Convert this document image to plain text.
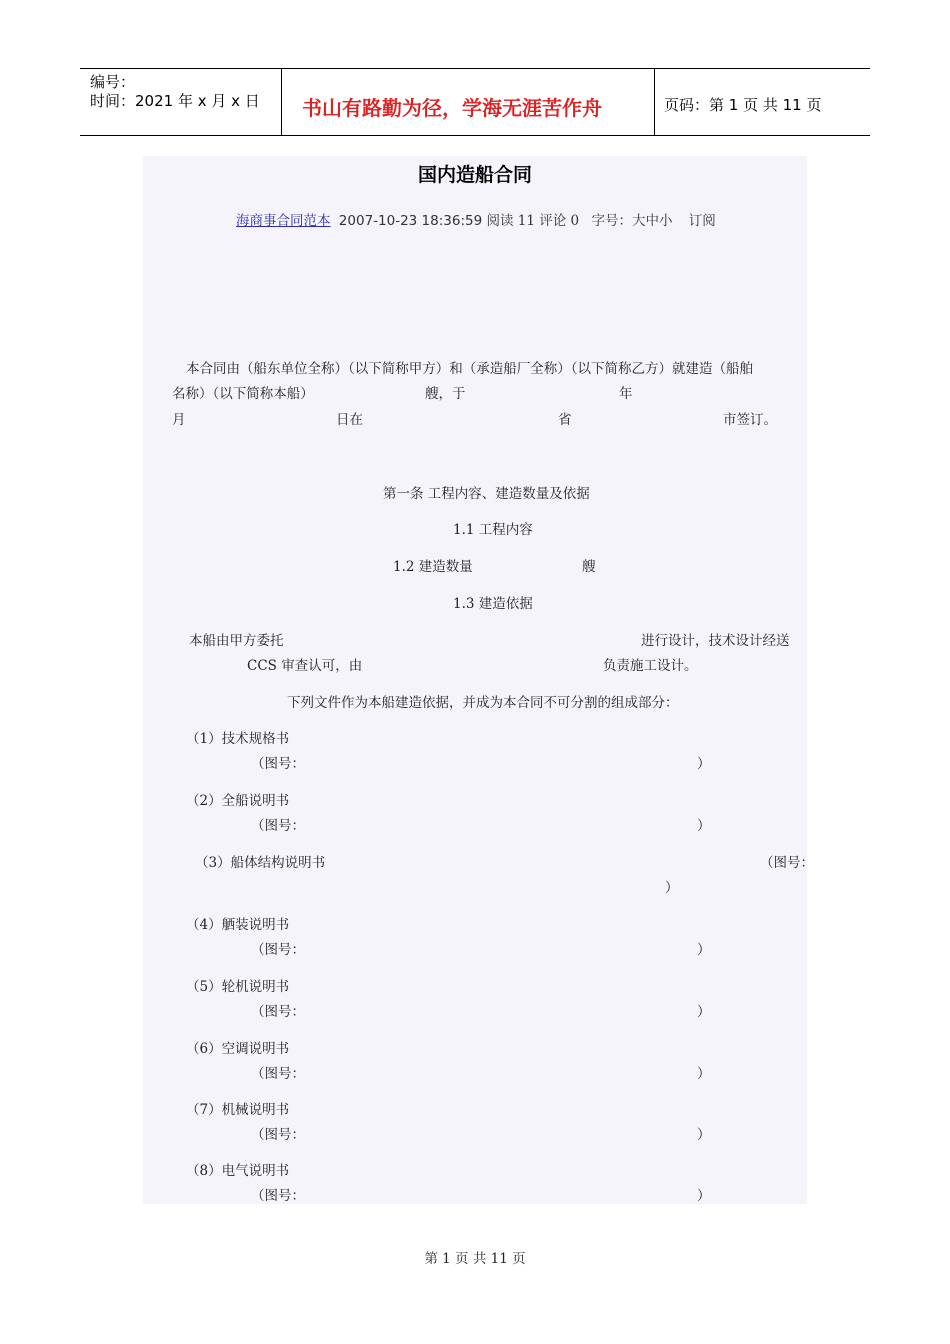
编号：
时间：2021 年 x 月 x 日 书山有路勤为径，学海无涯苦作舟	页码：第 1 页 共 11 页
国内造船合同
海商事合同范本 2007-10-23 18:36:59 阅读 11 评论 0 字号：大中小 订阅
本合同由（船东单位全称）（以下简称甲方）和（承造船厂全称）（以下简称乙方）就建造（船舶
名称）（以下简称本船）	艘，于	年
月	日在	省	市签订。
第一条 工程内容、建造数量及依据
1.1 工程内容
1.2 建造数量	艘
1.3 建造依据
本船由甲方委托	进行设计，技术设计经送
CCS 审查认可，由	负责施工设计。
下列文件作为本船建造依据，并成为本合同不可分割的组成部分：
（1）技术规格书
（图号：	）
（2）全船说明书
（图号：	）
（3）船体结构说明书	（图号：
）
（4）舾装说明书
（图号：	）
（5）轮机说明书
（图号：	）
（6）空调说明书
（图号：	）
（7）机械说明书
（图号：	）
（8）电气说明书
（图号：	）
第 1 页 共 11 页
